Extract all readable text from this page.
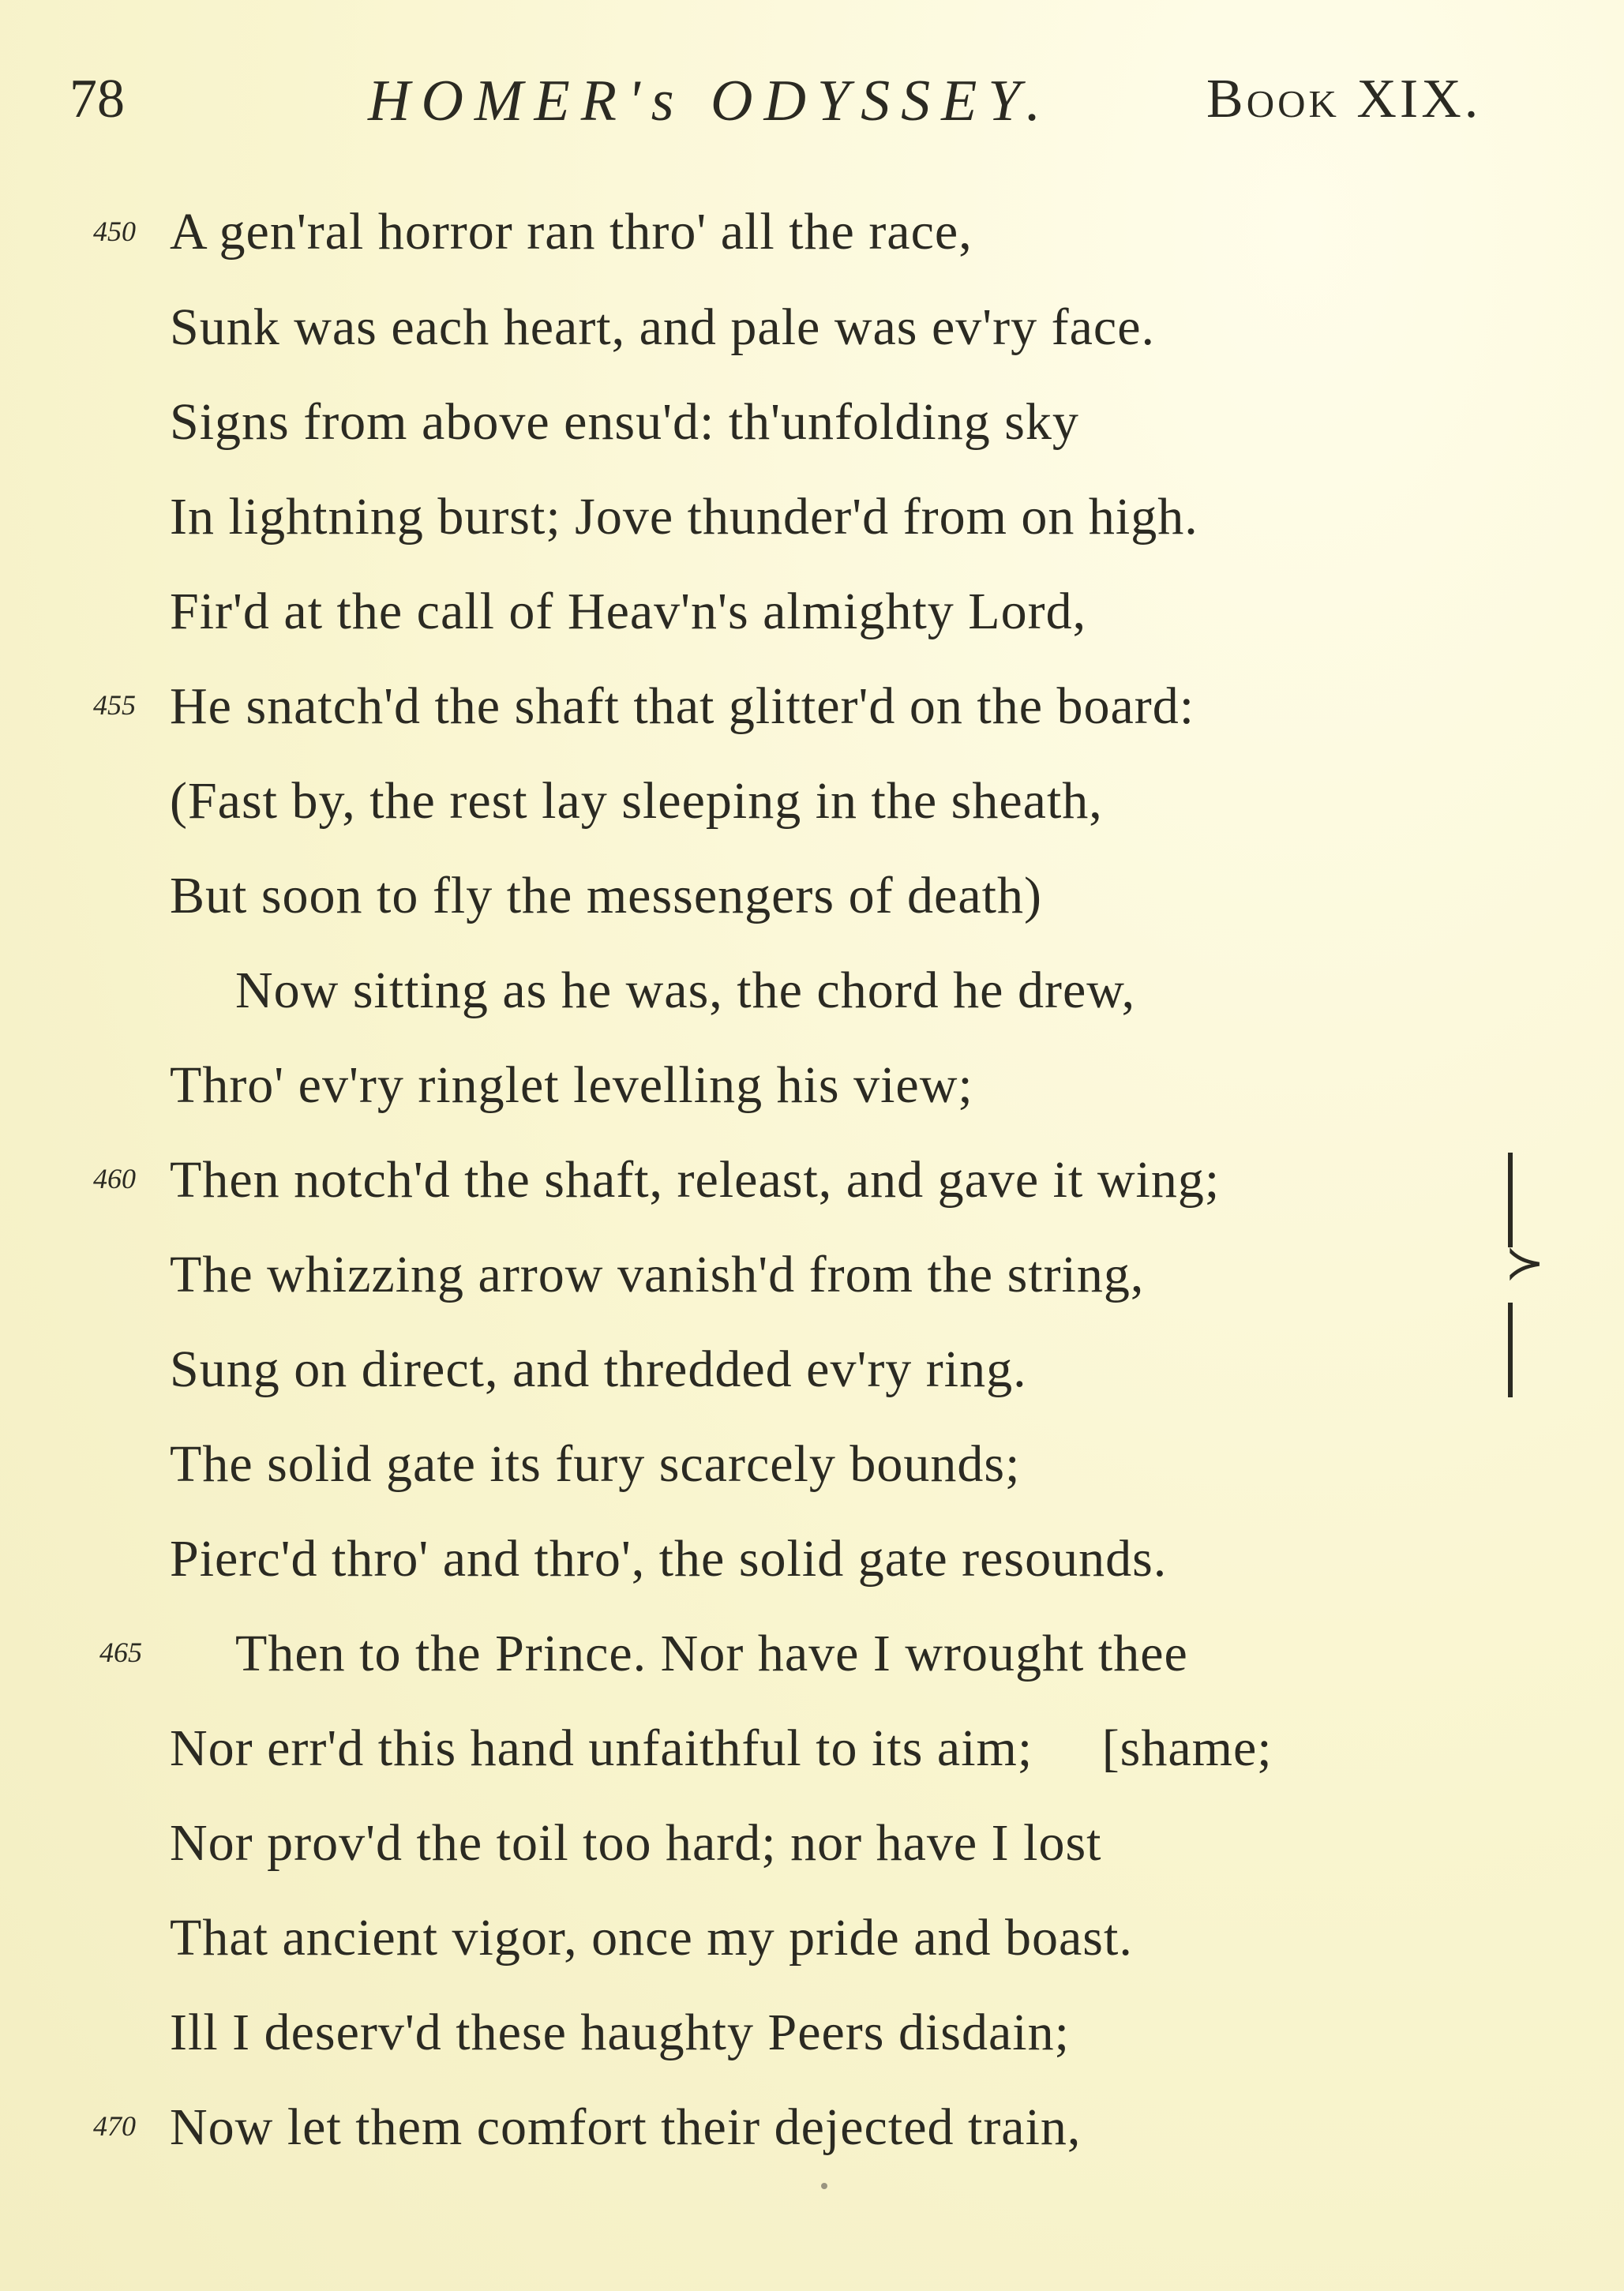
78	HOMER's ODYSSEY.	Book XIX.
450 A gen'ral horror ran thro' all the race,
Sunk was each heart, and pale was ev'ry face.
Signs from above ensu'd: th'unfolding sky
In lightning burst; Jove thunder'd from on high.
Fir'd at the call of Heav'n's almighty Lord,
455 He snatch'd the shaft that glitter'd on the board:
(Fast by, the rest lay sleeping in the sheath,
But soon to fly the messengers of death)
Now sitting as he was, the chord he drew,
Thro' ev'ry ringlet levelling his view;
460 Then notch'd the shaft, releast, and gave it wing;
The whizzing arrow vanish'd from the string,
Sung on direct, and thredded ev'ry ring.
The solid gate its fury scarcely bounds;
Pierc'd thro' and thro', the solid gate resounds.
465 Then to the Prince. Nor have I wrought thee
Nor err'd this hand unfaithful to its aim;     [shame;
Nor prov'd the toil too hard; nor have I lost
That ancient vigor, once my pride and boast.
Ill I deserv'd these haughty Peers disdain;
470 Now let them comfort their dejected train,
≻
